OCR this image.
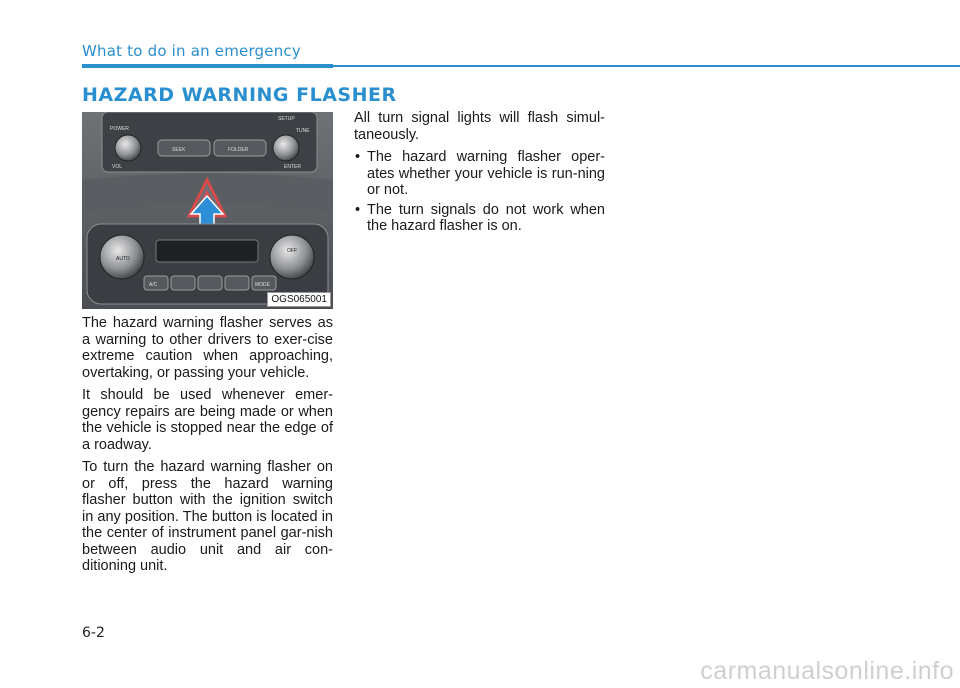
What to do in an emergency
HAZARD WARNING FLASHER
POWER
SETUP
TUNE
VOL	ENTER
SEEK	FOLDER
AUTO
OFF
A/C	MODE
OGS065001

The hazard warning flasher serves as a warning to other drivers to exer-cise extreme caution when approaching, overtaking, or passing your vehicle.

It should be used whenever emer-gency repairs are being made or when the vehicle is stopped near the edge of a roadway.

To turn the hazard warning flasher on or off, press the hazard warning flasher button with the ignition switch in any position. The button is located in the center of instrument panel gar-nish between audio unit and air con-ditioning unit.

All turn signal lights will flash simul-taneously.

• The hazard warning flasher oper-ates whether your vehicle is run-ning or not.
• The turn signals do not work when the hazard flasher is on.
6-2
carmanualsonline.info
